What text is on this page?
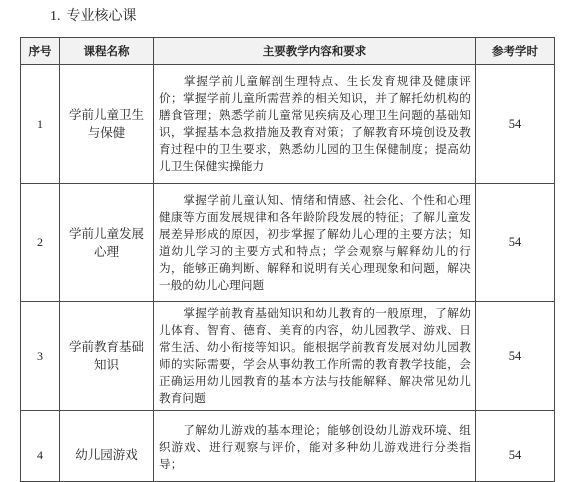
1. 专业核心课
序号	课程名称	主要教学内容和要求	参考学时
1	学前儿童卫生与保健	掌握学前儿童解剖生理特点、生长发育规律及健康评价；掌握学前儿童所需营养的相关知识，并了解托幼机构的膳食管理；熟悉学前儿童常见疾病及心理卫生问题的基础知识，掌握基本急救措施及教育对策；了解教育环境创设及教育过程中的卫生要求，熟悉幼儿园的卫生保健制度；提高幼儿卫生保健实操能力	54
2	学前儿童发展心理	掌握学前儿童认知、情绪和情感、社会化、个性和心理健康等方面发展规律和各年龄阶段发展的特征；了解儿童发展差异形成的原因，初步掌握了解幼儿心理的主要方法；知道幼儿学习的主要方式和特点；学会观察与解释幼儿的行为，能够正确判断、解释和说明有关心理现象和问题，解决一般的幼儿心理问题	54
3	学前教育基础知识	掌握学前教育基础知识和幼儿教育的一般原理，了解幼儿体育、智育、德育、美育的内容，幼儿园教学、游戏、日常生活、幼小衔接等知识。能根据学前教育发展对幼儿园教师的实际需要，学会从事幼教工作所需的教育教学技能，会正确运用幼儿园教育的基本方法与技能解释、解决常见幼儿教育问题	54
4	幼儿园游戏	了解幼儿游戏的基本理论；能够创设幼儿游戏环境、组织游戏、进行观察与评价，能对多种幼儿游戏进行分类指导；	54
